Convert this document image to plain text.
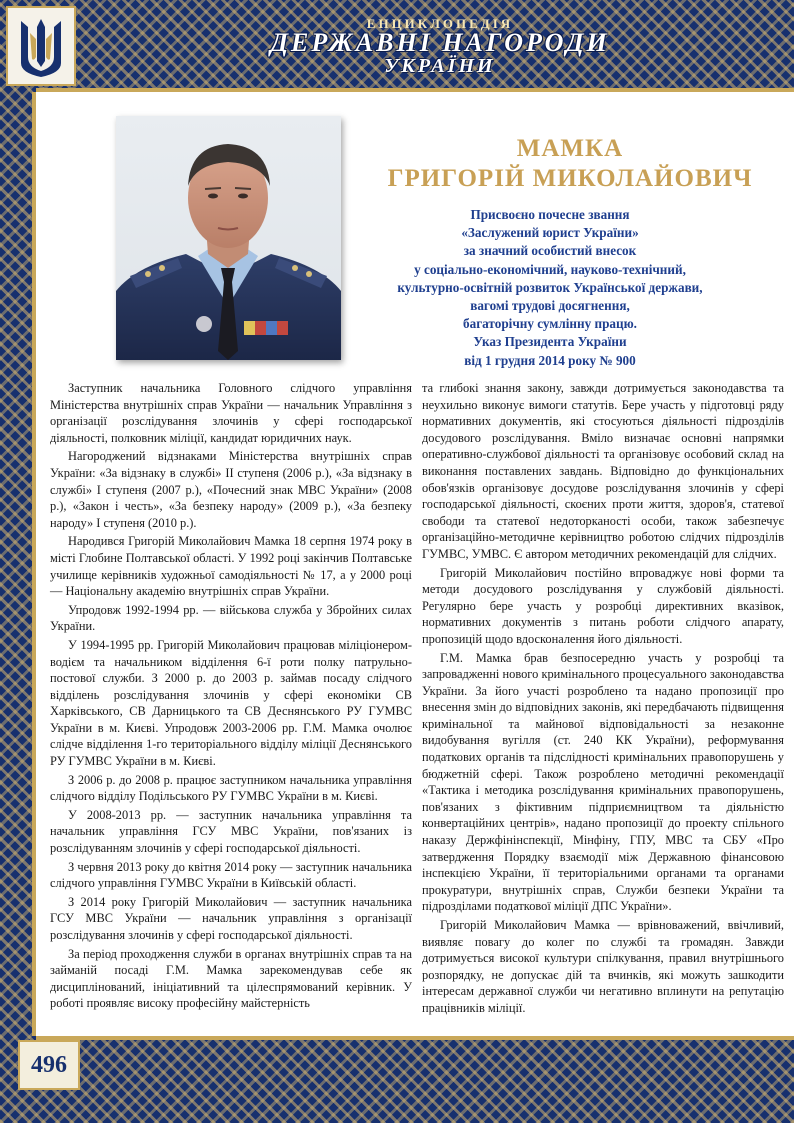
ЕНЦИКЛОПЕДІЯ
ДЕРЖАВНІ НАГОРОДИ
УКРАЇНИ
МАМКА
ГРИГОРІЙ МИКОЛАЙОВИЧ
Присвоєно почесне звання
«Заслужений юрист України»
за значний особистий внесок
у соціально-економічний, науково-технічний,
культурно-освітній розвиток Української держави,
вагомі трудові досягнення,
багаторічну сумлінну працю.
Указ Президента України
від 1 грудня 2014 року № 900

Заступник начальника Головного слідчого управління Міністерства внутрішніх справ України — начальник Управління з організації розслідування злочинів у сфері господарської діяльності, полковник міліції, кандидат юридичних наук.

Нагороджений відзнаками Міністерства внутрішніх справ України: «За відзнаку в службі» II ступеня (2006 р.), «За відзнаку в службі» I ступеня (2007 р.), «Почесний знак МВС України» (2008 р.), «Закон і честь», «За безпеку народу» (2009 р.), «За безпеку народу» I ступеня (2010 р.).

Народився Григорій Миколайович Мамка 18 серпня 1974 року в місті Глобине Полтавської області. У 1992 році закінчив Полтавське училище керівників художньої самодіяльності № 17, а у 2000 році — Національну академію внутрішніх справ України.

Упродовж 1992-1994 рр. — військова служба у Збройних силах України.

У 1994-1995 рр. Григорій Миколайович працював міліціонером-водієм та начальником відділення 6-ї роти полку патрульно-постової служби. З 2000 р. до 2003 р. займав посаду слідчого відділень розслідування злочинів у сфері економіки СВ Харківського, СВ Дарницького та СВ Деснянського РУ ГУМВС України в м. Києві. Упродовж 2003-2006 рр. Г.М. Мамка очолює слідче відділення 1-го територіального відділу міліції Деснянського РУ ГУМВС України в м. Києві.

З 2006 р. до 2008 р. працює заступником начальника управління слідчого відділу Подільського РУ ГУМВС України в м. Києві.

У 2008-2013 рр. — заступник начальника управління та начальник управління ГСУ МВС України, пов'язаних із розслідуванням злочинів у сфері господарської діяльності.

З червня 2013 року до квітня 2014 року — заступник начальника слідчого управління ГУМВС України в Київській області.

З 2014 року Григорій Миколайович — заступник начальника ГСУ МВС України — начальник управління з організації розслідування злочинів у сфері господарської діяльності.

За період проходження служби в органах внутрішніх справ та на займаній посаді Г.М. Мамка зарекомендував себе як дисциплінований, ініціативний та цілеспрямований керівник. У роботі проявляє високу професійну майстерність

та глибокі знання закону, завжди дотримується законодавства та неухильно виконує вимоги статутів. Бере участь у підготовці ряду нормативних документів, які стосуються діяльності підрозділів досудового розслідування. Вміло визначає основні напрямки оперативно-службової діяльності та організовує особовий склад на виконання поставлених завдань. Відповідно до функціональних обов'язків організовує досудове розслідування злочинів у сфері господарської діяльності, скоєних проти життя, здоров'я, статевої свободи та статевої недоторканості особи, також забезпечує організаційно-методичне керівництво роботою слідчих підрозділів ГУМВС, УМВС. Є автором методичних рекомендацій для слідчих.

Григорій Миколайович постійно впроваджує нові форми та методи досудового розслідування у службовій діяльності. Регулярно бере участь у розробці директивних вказівок, нормативних документів з питань роботи слідчого апарату, пропозицій щодо вдосконалення його діяльності.

Г.М. Мамка брав безпосередню участь у розробці та запровадженні нового кримінального процесуального законодавства України. За його участі розроблено та надано пропозиції про внесення змін до відповідних законів, які передбачають підвищення кримінальної та майнової відповідальності за незаконне видобування вугілля (ст. 240 КК України), реформування податкових органів та підслідності кримінальних правопорушень у бюджетній сфері. Також розроблено методичні рекомендації «Тактика і методика розслідування кримінальних правопорушень, пов'язаних з фіктивним підприємництвом та діяльністю конвертаційних центрів», надано пропозиції до проекту спільного наказу Держфінінспекції, Мінфіну, ГПУ, МВС та СБУ «Про затвердження Порядку взаємодії між Державною фінансовою інспекцією України, її територіальними органами та органами прокуратури, внутрішніх справ, Служби безпеки України та підрозділами податкової міліції ДПС України».

Григорій Миколайович Мамка — врівноважений, ввічливий, виявляє повагу до колег по службі та громадян. Завжди дотримується високої культури спілкування, правил внутрішнього розпорядку, не допускає дій та вчинків, які можуть зашкодити інтересам державної служби чи негативно вплинути на репутацію працівників міліції.

496
